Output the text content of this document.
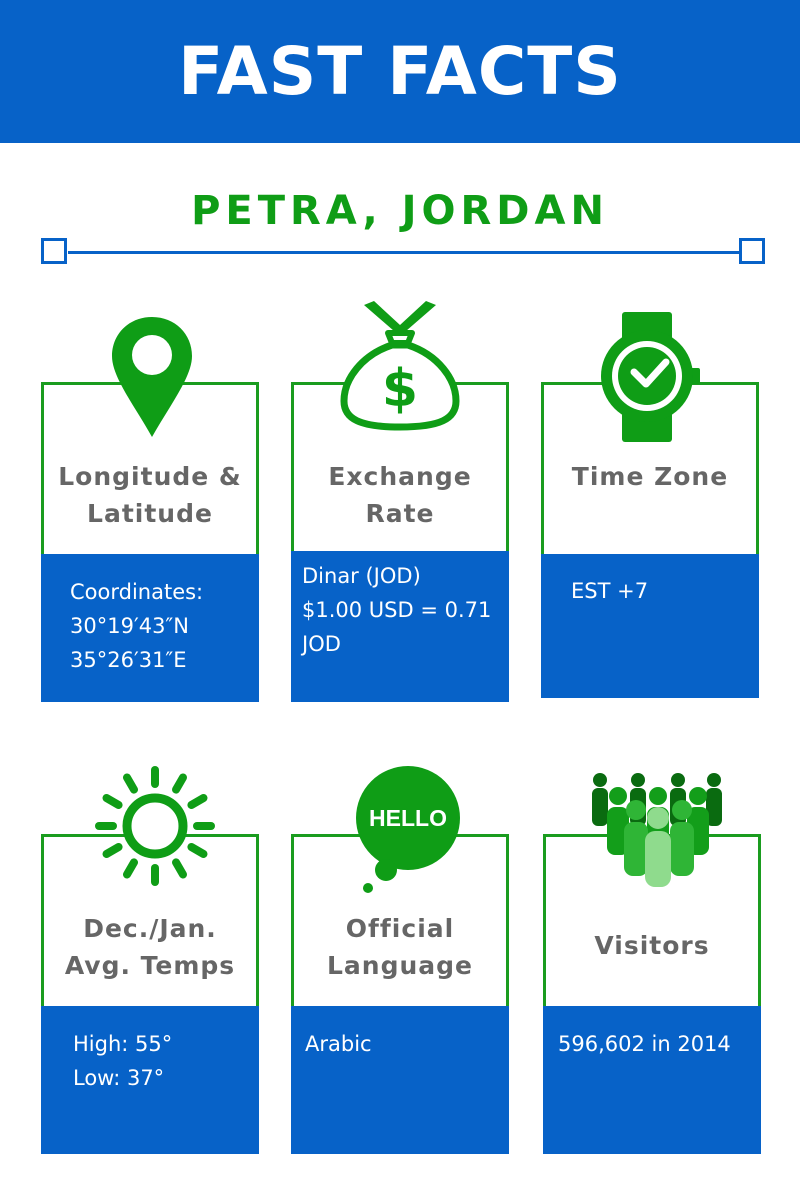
FAST FACTS
PETRA, JORDAN
Longitude &
Latitude
Coordinates:
30°19′43″N
35°26′31″E
Exchange
Rate
Dinar (JOD)
$1.00 USD = 0.71
JOD
$
Time Zone
EST +7
Dec./Jan.
Avg. Temps
High: 55°
Low: 37°
Official
Language
Arabic
HELLO
Visitors
596,602 in 2014
